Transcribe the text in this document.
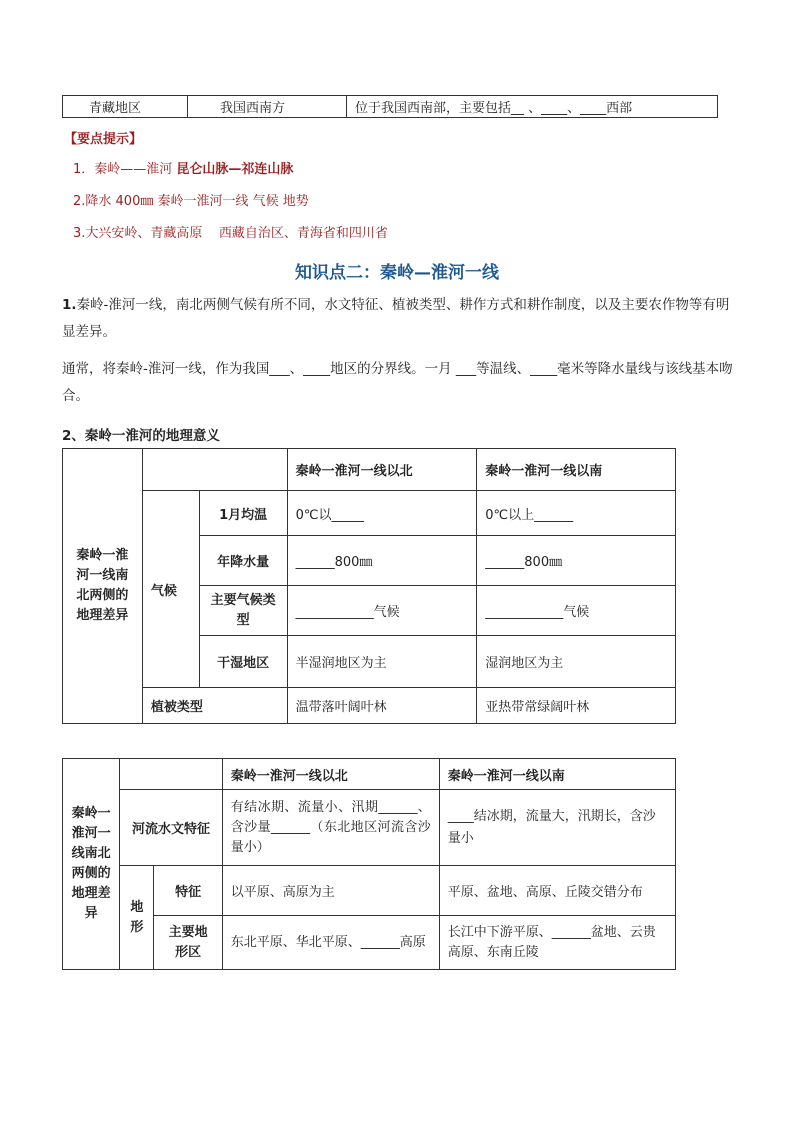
青藏地区	我国西南方	位于我国西南部，主要包括__ 、____、____西部
【要点提示】
1．秦岭——淮河 昆仑山脉—祁连山脉
2.降水 400㎜ 秦岭一淮河一线 气候 地势
3.大兴安岭、青藏高原    西藏自治区、青海省和四川省
知识点二：秦岭—淮河一线
1.秦岭-淮河一线，南北两侧气候有所不同，水文特征、植被类型、耕作方式和耕作制度，以及主要农作物等有明显差异。
通常，将秦岭-淮河一线，作为我国___、____地区的分界线。一月 ___等温线、____毫米等降水量线与该线基本吻合。
2、秦岭一淮河的地理意义
秦岭一淮河一线南北两侧的地理差异			秦岭一淮河一线以北	秦岭一淮河一线以南
	气候	1月均温	0℃以_____	0℃以上______
		年降水量	______800㎜	______800㎜
		主要气候类型	____________气候	____________气候
		干湿地区	半湿润地区为主	湿润地区为主
	植被类型		温带落叶阔叶林	亚热带常绿阔叶林
秦岭一淮河一线南北两侧的地理差异			秦岭一淮河一线以北	秦岭一淮河一线以南
	河流水文特征		有结冰期、流量小、汛期______、含沙量______（东北地区河流含沙量小）	____结冰期，流量大，汛期长，含沙量小
	地形	特征	以平原、高原为主	平原、盆地、高原、丘陵交错分布
		主要地形区	东北平原、华北平原、______高原	长江中下游平原、______盆地、云贵高原、东南丘陵
